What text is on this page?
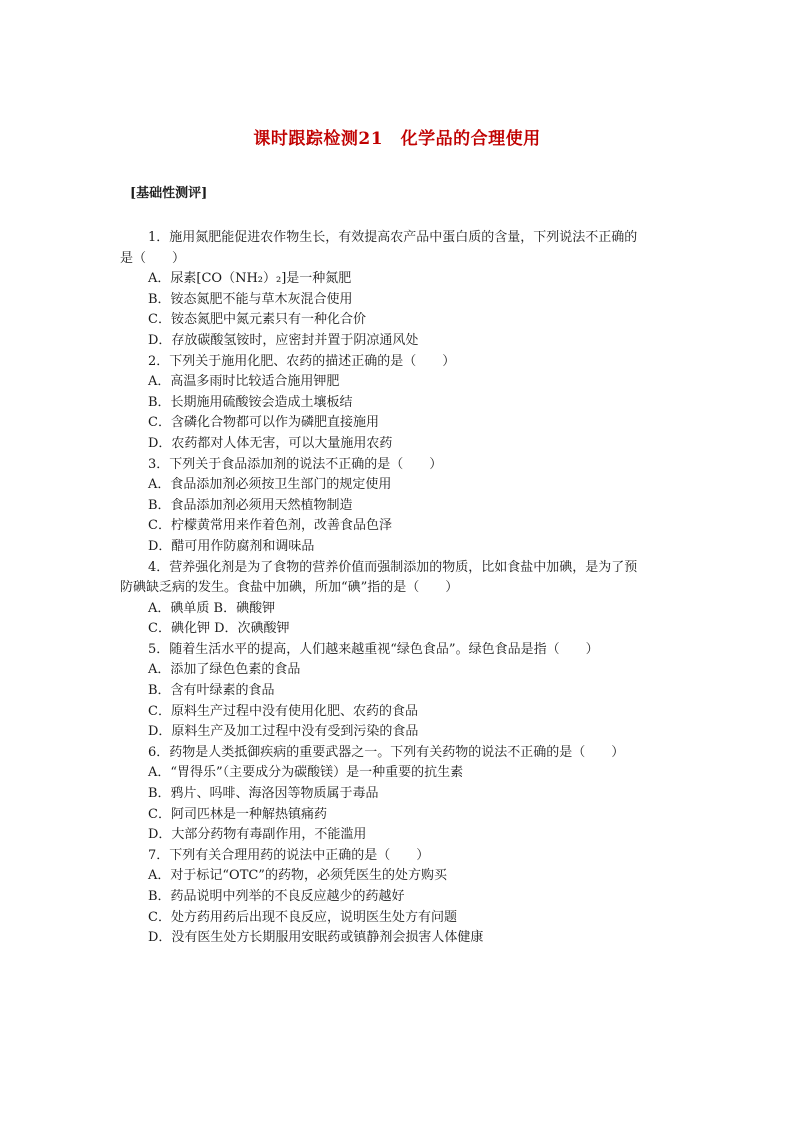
课时跟踪检测21　化学品的合理使用
[基础性测评]
1．施用氮肥能促进农作物生长，有效提高农产品中蛋白质的含量，下列说法不正确的
是（　　）
A．尿素[CO（NH₂）₂]是一种氮肥
B．铵态氮肥不能与草木灰混合使用
C．铵态氮肥中氮元素只有一种化合价
D．存放碳酸氢铵时，应密封并置于阴凉通风处
2．下列关于施用化肥、农药的描述正确的是（　　）
A．高温多雨时比较适合施用钾肥
B．长期施用硫酸铵会造成土壤板结
C．含磷化合物都可以作为磷肥直接施用
D．农药都对人体无害，可以大量施用农药
3．下列关于食品添加剂的说法不正确的是（　　）
A．食品添加剂必须按卫生部门的规定使用
B．食品添加剂必须用天然植物制造
C．柠檬黄常用来作着色剂，改善食品色泽
D．醋可用作防腐剂和调味品
4．营养强化剂是为了食物的营养价值而强制添加的物质，比如食盐中加碘，是为了预
防碘缺乏病的发生。食盐中加碘，所加“碘”指的是（　　）
A．碘单质 B．碘酸钾
C．碘化钾 D．次碘酸钾
5．随着生活水平的提高，人们越来越重视“绿色食品”。绿色食品是指（　　）
A．添加了绿色色素的食品
B．含有叶绿素的食品
C．原料生产过程中没有使用化肥、农药的食品
D．原料生产及加工过程中没有受到污染的食品
6．药物是人类抵御疾病的重要武器之一。下列有关药物的说法不正确的是（　　）
A．“胃得乐”（主要成分为碳酸镁）是一种重要的抗生素
B．鸦片、吗啡、海洛因等物质属于毒品
C．阿司匹林是一种解热镇痛药
D．大部分药物有毒副作用，不能滥用
7．下列有关合理用药的说法中正确的是（　　）
A．对于标记“OTC”的药物，必须凭医生的处方购买
B．药品说明中列举的不良反应越少的药越好
C．处方药用药后出现不良反应，说明医生处方有问题
D．没有医生处方长期服用安眠药或镇静剂会损害人体健康
